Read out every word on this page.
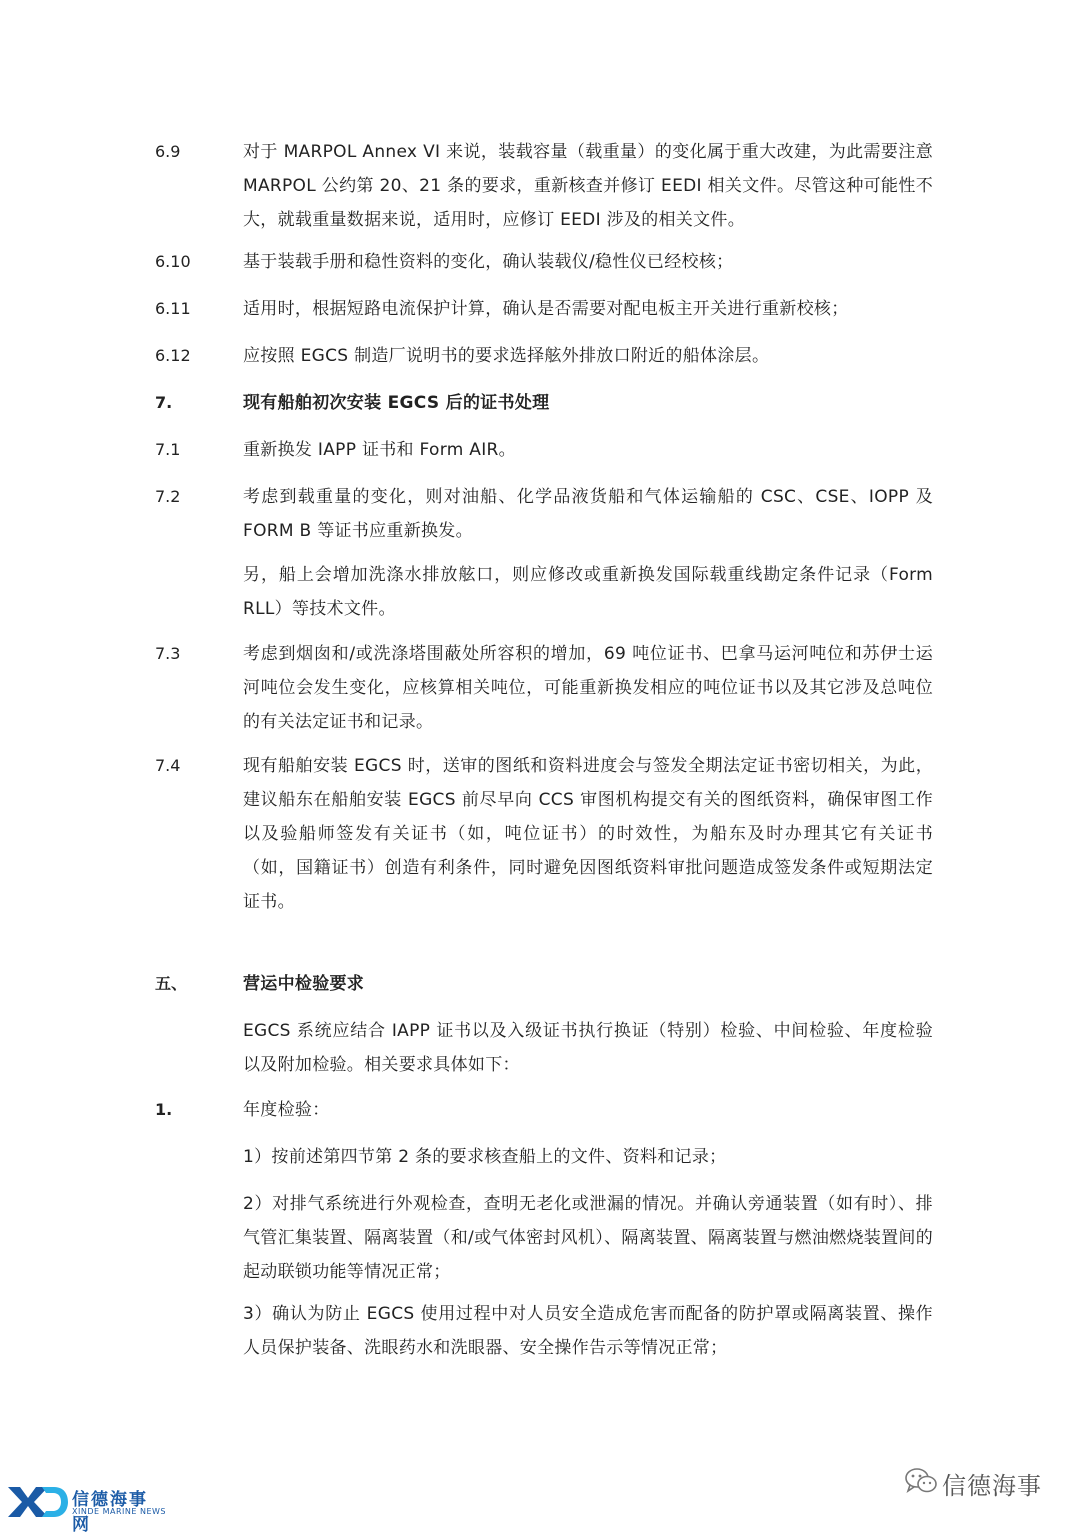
6.9	对于 MARPOL Annex VI 来说，装载容量（载重量）的变化属于重大改建，为此需要注意 MARPOL 公约第 20、21 条的要求，重新核查并修订 EEDI 相关文件。尽管这种可能性不大，就载重量数据来说，适用时，应修订 EEDI 涉及的相关文件。
6.10	基于装载手册和稳性资料的变化，确认装载仪/稳性仪已经校核；
6.11	适用时，根据短路电流保护计算，确认是否需要对配电板主开关进行重新校核；
6.12	应按照 EGCS 制造厂说明书的要求选择舷外排放口附近的船体涂层。
7.	现有船舶初次安装 EGCS 后的证书处理
7.1	重新换发 IAPP 证书和 Form AIR。
7.2	考虑到载重量的变化，则对油船、化学品液货船和气体运输船的 CSC、CSE、IOPP 及 FORM B 等证书应重新换发。
另，船上会增加洗涤水排放舷口，则应修改或重新换发国际载重线勘定条件记录（Form RLL）等技术文件。
7.3	考虑到烟囱和/或洗涤塔围蔽处所容积的增加，69 吨位证书、巴拿马运河吨位和苏伊士运河吨位会发生变化，应核算相关吨位，可能重新换发相应的吨位证书以及其它涉及总吨位的有关法定证书和记录。
7.4	现有船舶安装 EGCS 时，送审的图纸和资料进度会与签发全期法定证书密切相关，为此，建议船东在船舶安装 EGCS 前尽早向 CCS 审图机构提交有关的图纸资料，确保审图工作以及验船师签发有关证书（如，吨位证书）的时效性，为船东及时办理其它有关证书（如，国籍证书）创造有利条件，同时避免因图纸资料审批问题造成签发条件或短期法定证书。
五、	营运中检验要求
EGCS 系统应结合 IAPP 证书以及入级证书执行换证（特别）检验、中间检验、年度检验以及附加检验。相关要求具体如下：
1.	年度检验：
1）按前述第四节第 2 条的要求核查船上的文件、资料和记录；
2）对排气系统进行外观检查，查明无老化或泄漏的情况。并确认旁通装置（如有时）、排气管汇集装置、隔离装置（和/或气体密封风机）、隔离装置、隔离装置与燃油燃烧装置间的起动联锁功能等情况正常；
3）确认为防止 EGCS 使用过程中对人员安全造成危害而配备的防护罩或隔离装置、操作人员保护装备、洗眼药水和洗眼器、安全操作告示等情况正常；
信德海事网
XINDE MARINE NEWS
信德海事
